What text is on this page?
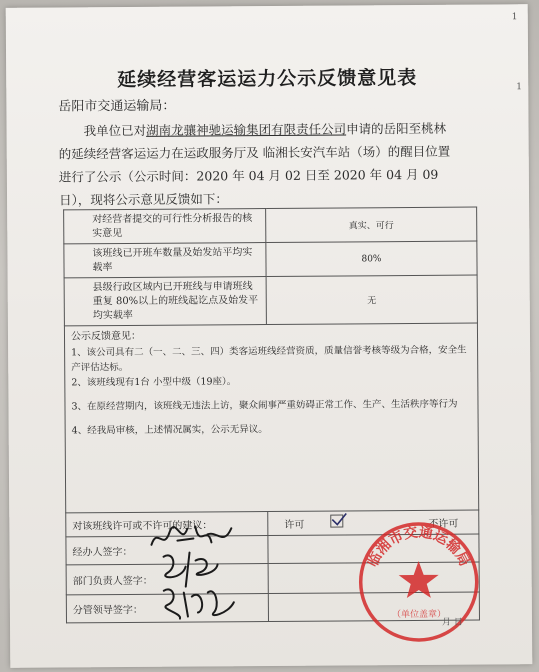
延续经营客运运力公示反馈意见表
岳阳市交通运输局：

我单位已对湖南龙骧神驰运输集团有限责任公司申请的岳阳至桃林的延续经营客运运力在运政服务厅及 临湘长安汽车站（场）的醒目位置进行了公示（公示时间：2020 年 04 月 02 日至 2020 年 04 月 09 日），现将公示意见反馈如下：

对经营者提交的可行性分析报告的核实意见	真实、可行
该班线已开班车数量及始发站平均实载率	80%
县级行政区域内已开班线与申请班线重复 80%以上的班线起讫点及始发平均实载率	无

公示反馈意见：

1、该公司具有二（一、二、三、四）类客运班线经营资质，质量信誉考核等级为合格，安全生产评估达标。

2、该班线现有1台 小型中级（19座）。

3、在原经营期内，该班线无违法上访，聚众闹事严重妨碍正常工作、生产、生活秩序等行为

4、经我局审核，上述情况属实，公示无异议。	

对该班线许可或不许可的建议：	许可 不许可

经办人签字：	
部门负责人签字：	
分管领导签字：	
临湘市交通运输局
（单位盖章）
月 日
1
1
